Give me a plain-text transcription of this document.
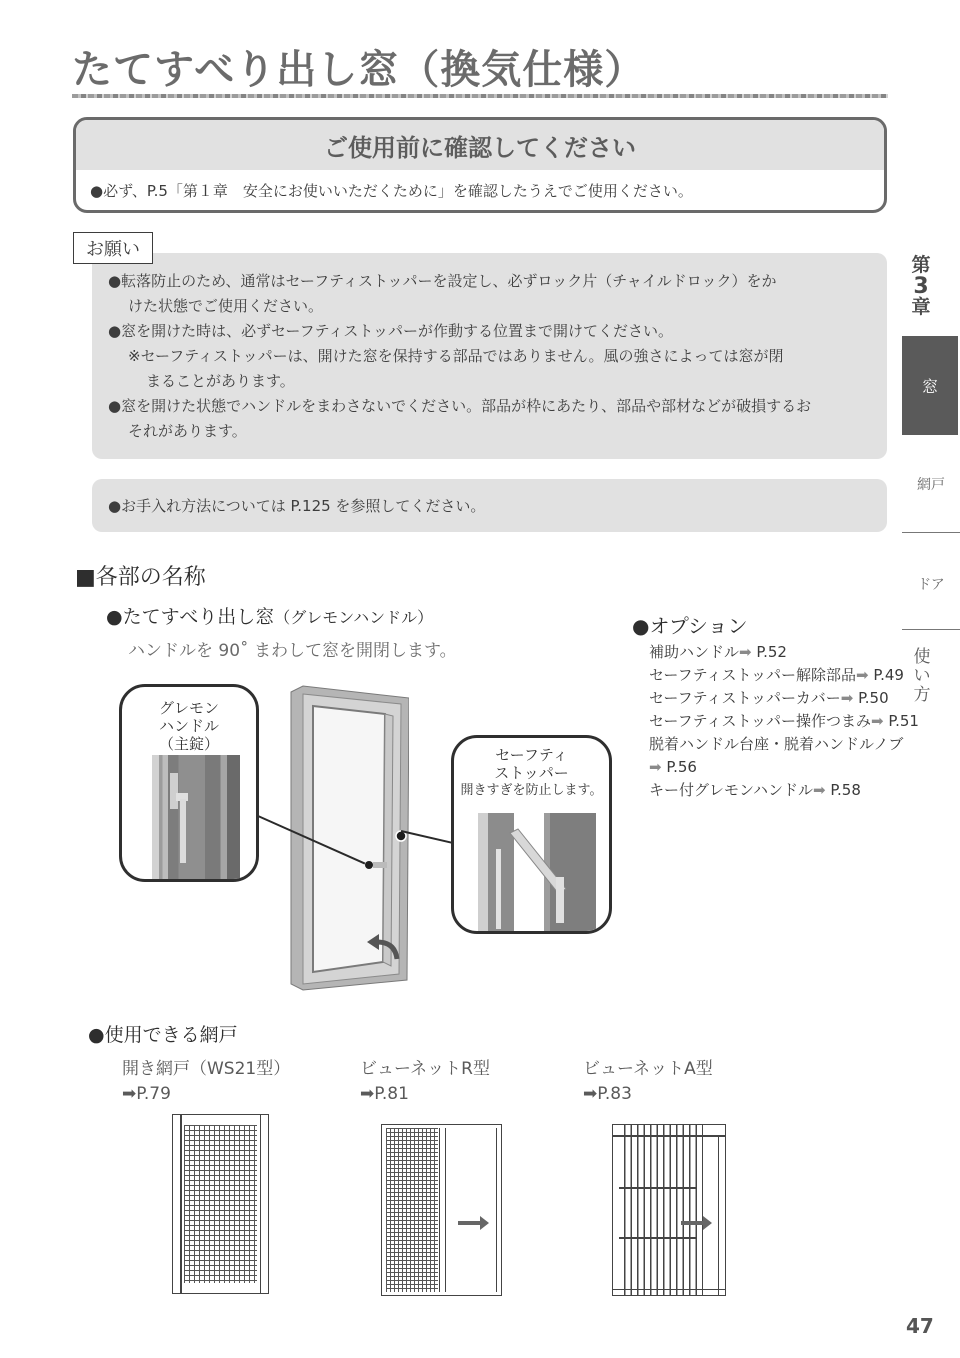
たてすべり出し窓（換気仕様）
ご使用前に確認してください
●必ず、P.5「第１章　安全にお使いいただくために」を確認したうえでご使用ください。
お願い

●転落防止のため、通常はセーフティストッパーを設定し、必ずロック片（チャイルドロック）をか

けた状態でご使用ください。

●窓を開けた時は、必ずセーフティストッパーが作動する位置まで開けてください。

※セーフティストッパーは、開けた窓を保持する部品ではありません。風の強さによっては窓が閉

まることがあります。

●窓を開けた状態でハンドルをまわさないでください。部品が枠にあたり、部品や部材などが破損するお

それがあります。

●お手入れ方法については P.125 を参照してください。
第
3
章
窓
網戸
ドア
使
い
方
■各部の名称
●たてすべり出し窓（グレモンハンドル）
ハンドルを 90˚ まわして窓を開閉します。
●オプション
補助ハンドル➡ P.52
セーフティストッパー解除部品➡ P.49
セーフティストッパーカバー➡ P.50
セーフティストッパー操作つまみ➡ P.51
脱着ハンドル台座・脱着ハンドルノブ
➡ P.56
キー付グレモンハンドル➡ P.58
グレモン
ハンドル
（主錠）
セーフティ
ストッパー
開きすぎを防止します。
●使用できる網戸
開き網戸（WS21型）
➡P.79
ビューネットR型
➡P.81
ビューネットA型
➡P.83
47
